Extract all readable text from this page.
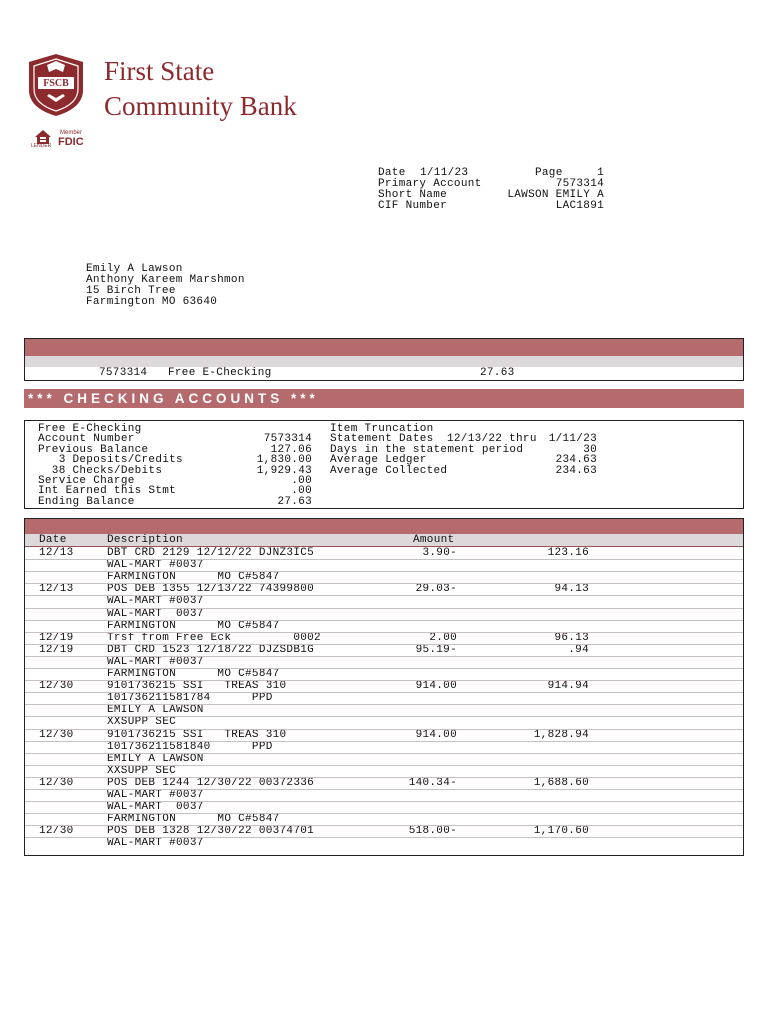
FSCB First State
Community Bank
LENDER
Member
FDIC
Date 1/11/23	Page	1
Primary Account	7573314
Short Name	LAWSON EMILY A
CIF Number	LAC1891
Emily A Lawson
Anthony Kareem Marshmon
15 Birch Tree
Farmington MO 63640
7573314 Free E-Checking	27.63
*** CHECKING ACCOUNTS ***
Free E-Checking
Account Number	7573314
Previous Balance	127.06
3 Deposits/Credits	1,830.00
38 Checks/Debits	1,929.43
Service Charge	.00
Int Earned this Stmt	.00
Ending Balance	27.63
Item Truncation
Statement Dates 12/13/22 thru 1/11/23
Days in the statement period	30
Average Ledger	234.63
Average Collected	234.63
Date	Description	Amount
12/13	DBT CRD 2129 12/12/22 DJNZ3IC5	3.90-	123.16
WAL-MART #0037
FARMINGTON      MO C#5847
12/13	POS DEB 1355 12/13/22 74399800	29.03-	94.13
WAL-MART #0037
WAL-MART  0037
FARMINGTON      MO C#5847
12/19	Trsf from Free Eck         0002	2.00	96.13
12/19	DBT CRD 1523 12/18/22 DJZSDB1G	95.19-	.94
WAL-MART #0037
FARMINGTON      MO C#5847
12/30	9101736215 SSI   TREAS 310	914.00	914.94
101736211581784      PPD
EMILY A LAWSON
XXSUPP SEC
12/30	9101736215 SSI   TREAS 310	914.00	1,828.94
101736211581840      PPD
EMILY A LAWSON
XXSUPP SEC
12/30	POS DEB 1244 12/30/22 00372336	140.34-	1,688.60
WAL-MART #0037
WAL-MART  0037
FARMINGTON      MO C#5847
12/30	POS DEB 1328 12/30/22 00374701	518.00-	1,170.60
WAL-MART #0037
